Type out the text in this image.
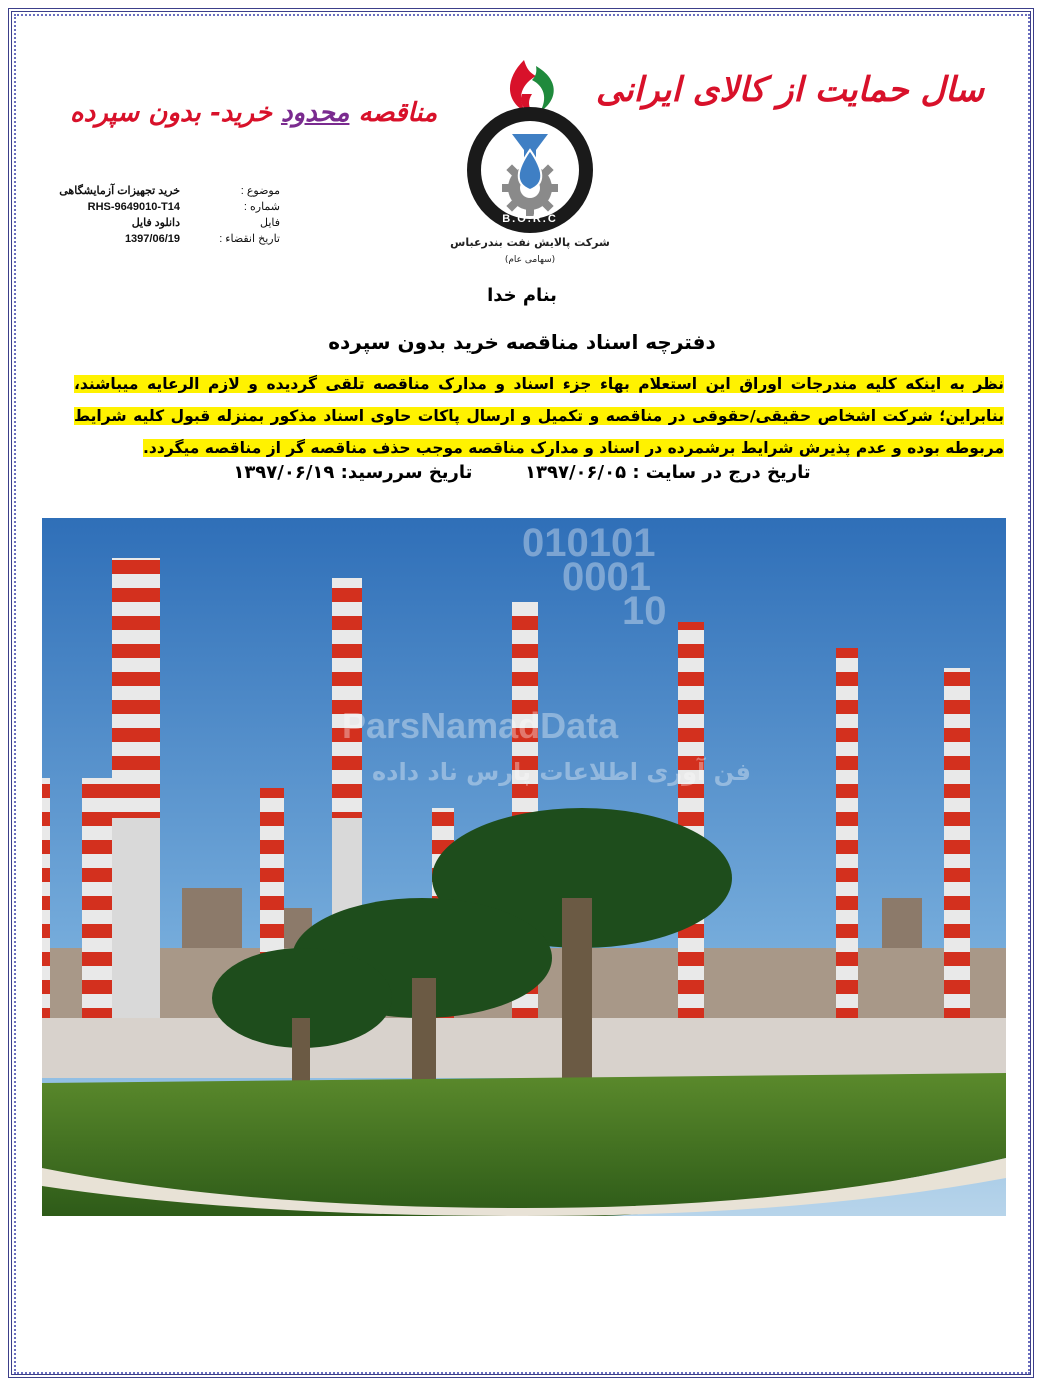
سال حمایت از کالای ایرانی
مناقصه محدود خرید- بدون سپرده
B.O.R.C
شرکت پالایش نفت بندرعباس
(سهامی عام)
خرید تجهیزات آزمایشگاهی	موضوع :
RHS-9649010-T14	شماره :
دانلود فایل	فایل
1397/06/19	تاریخ انقضاء :
بنام خدا
دفترچه اسناد مناقصه خرید بدون سپرده
نظر به اینکه کلیه مندرجات اوراق این استعلام بهاء جزء اسناد و مدارک مناقصه تلقی گردیده و لازم الرعایه میباشند، بنابراین؛ شرکت اشخاص حقیقی/حقوقی در مناقصه و تکمیل و ارسال پاکات حاوی اسناد مذکور بمنزله قبول کلیه شرایط مربوطه بوده و عدم پذیرش شرایط برشمرده در اسناد و مدارک مناقصه موجب حذف مناقصه گر از مناقصه میگردد.
تاریخ درج در سایت : ۱۳۹۷/۰۶/۰۵  تاریخ سررسید: ۱۳۹۷/۰۶/۱۹
010101
0001
10
ParsNamadData
فن آوری اطلاعات پارس ناد داده
